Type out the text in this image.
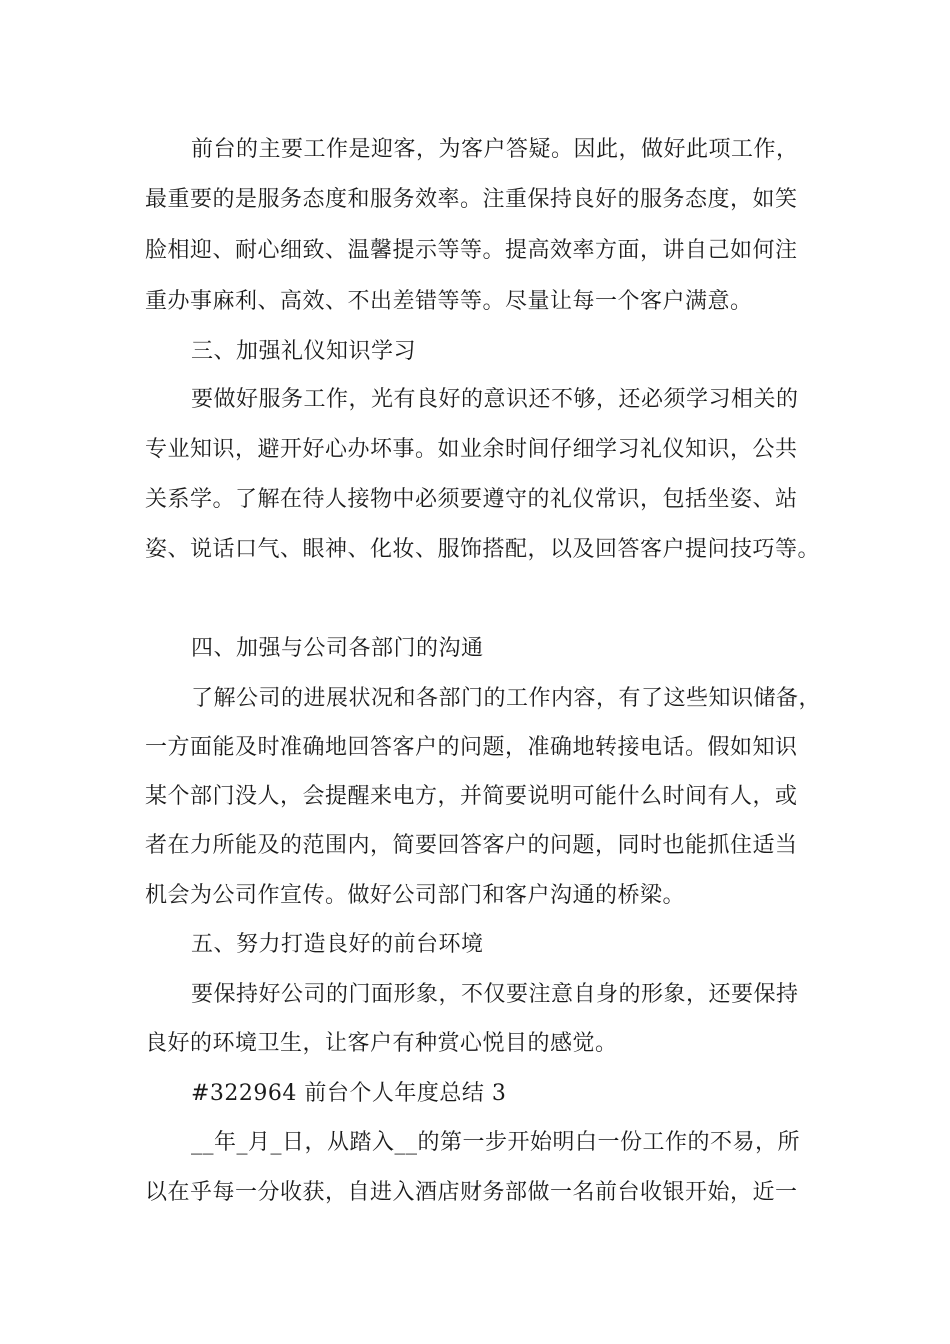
前台的主要工作是迎客，为客户答疑。因此，做好此项工作，
最重要的是服务态度和服务效率。注重保持良好的服务态度，如笑
脸相迎、耐心细致、温馨提示等等。提高效率方面，讲自己如何注
重办事麻利、高效、不出差错等等。尽量让每一个客户满意。
三、加强礼仪知识学习
要做好服务工作，光有良好的意识还不够，还必须学习相关的
专业知识，避开好心办坏事。如业余时间仔细学习礼仪知识，公共
关系学。了解在待人接物中必须要遵守的礼仪常识，包括坐姿、站
姿、说话口气、眼神、化妆、服饰搭配，以及回答客户提问技巧等。
四、加强与公司各部门的沟通
了解公司的进展状况和各部门的工作内容，有了这些知识储备，
一方面能及时准确地回答客户的问题，准确地转接电话。假如知识
某个部门没人，会提醒来电方，并简要说明可能什么时间有人，或
者在力所能及的范围内，简要回答客户的问题，同时也能抓住适当
机会为公司作宣传。做好公司部门和客户沟通的桥梁。
五、努力打造良好的前台环境
要保持好公司的门面形象，不仅要注意自身的形象，还要保持
良好的环境卫生，让客户有种赏心悦目的感觉。
#322964 前台个人年度总结 3
__年_月_日，从踏入__的第一步开始明白一份工作的不易，所
以在乎每一分收获，自进入酒店财务部做一名前台收银开始，近一
